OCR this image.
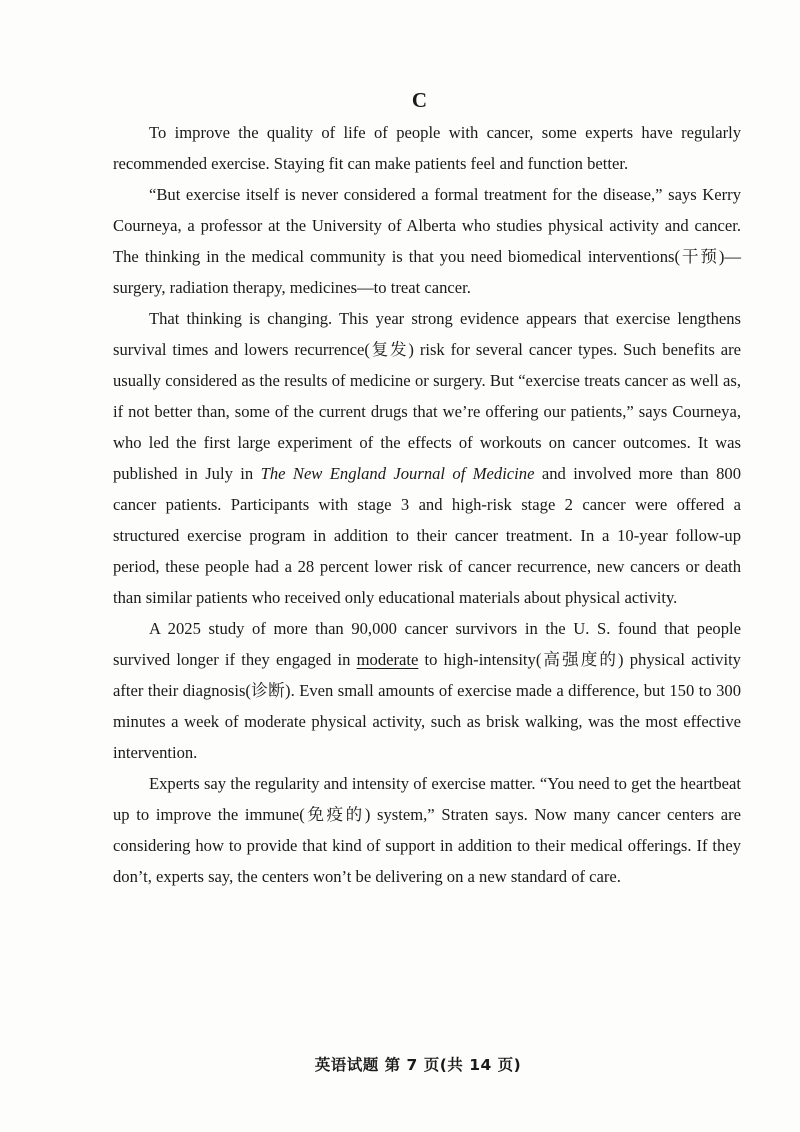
C

To improve the quality of life of people with cancer, some experts have regularly recommended exercise. Staying fit can make patients feel and function better.

“But exercise itself is never considered a formal treatment for the disease,” says Kerry Courneya, a professor at the University of Alberta who studies physical activity and cancer. The thinking in the medical community is that you need biomedical interventions(干预)—surgery, radiation therapy, medicines—to treat cancer.

That thinking is changing. This year strong evidence appears that exercise lengthens survival times and lowers recurrence(复发) risk for several cancer types. Such benefits are usually considered as the results of medicine or surgery. But “exercise treats cancer as well as, if not better than, some of the current drugs that we’re offering our patients,” says Courneya, who led the first large experiment of the effects of workouts on cancer outcomes. It was published in July in The New England Journal of Medicine and involved more than 800 cancer patients. Participants with stage 3 and high-risk stage 2 cancer were offered a structured exercise program in addition to their cancer treatment. In a 10-year follow-up period, these people had a 28 percent lower risk of cancer recurrence, new cancers or death than similar patients who received only educational materials about physical activity.

A 2025 study of more than 90,000 cancer survivors in the U. S. found that people survived longer if they engaged in moderate to high-intensity(高强度的) physical activity after their diagnosis(诊断). Even small amounts of exercise made a difference, but 150 to 300 minutes a week of moderate physical activity, such as brisk walking, was the most effective intervention.

Experts say the regularity and intensity of exercise matter. “You need to get the heartbeat up to improve the immune(免疫的) system,” Straten says. Now many cancer centers are considering how to provide that kind of support in addition to their medical offerings. If they don’t, experts say, the centers won’t be delivering on a new standard of care.

英语试题 第 7 页(共 14 页)
